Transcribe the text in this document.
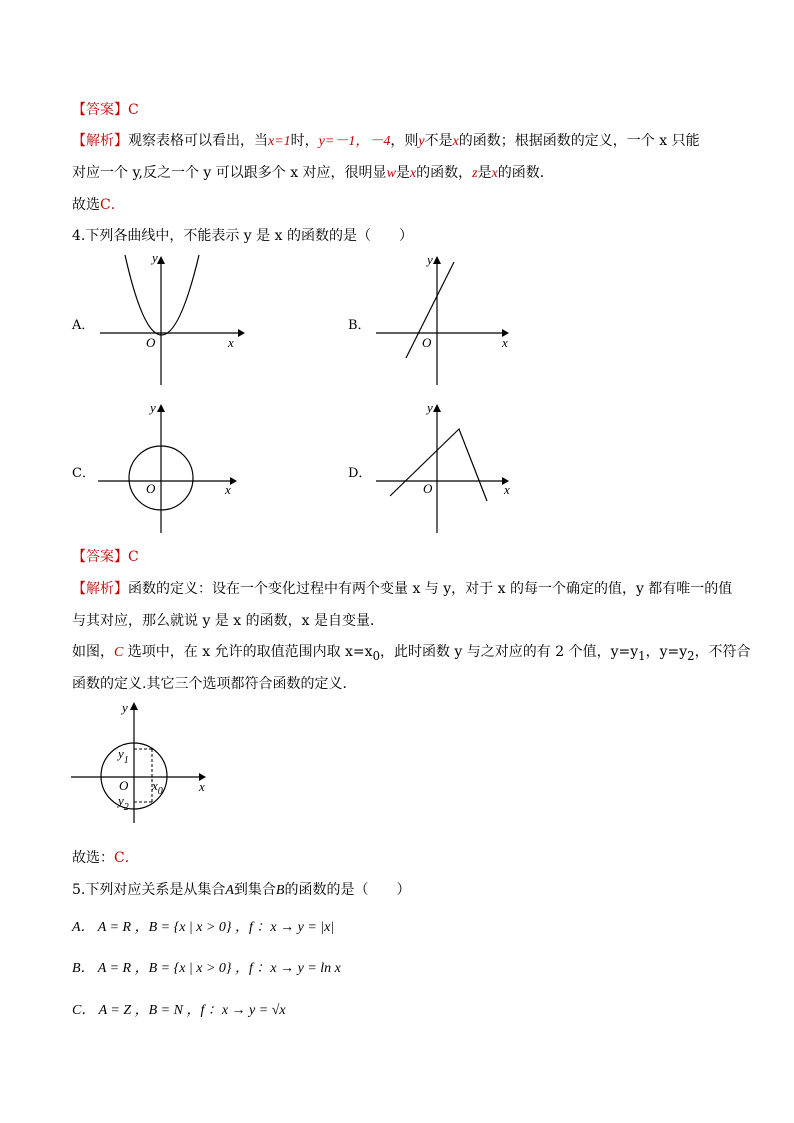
【答案】C
【解析】观察表格可以看出，当x=1时，y=－1，－4，则y不是x的函数；根据函数的定义，一个 x 只能
对应一个 y,反之一个 y 可以跟多个 x 对应，很明显w是x的函数，z是x的函数．
故选C．
4.下列各曲线中，不能表示 y 是 x 的函数的是（　　）
A．
y
x
O
B．
y
x
O
C．
y
x
O
D．
y
x
O
【答案】C
【解析】函数的定义：设在一个变化过程中有两个变量 x 与 y，对于 x 的每一个确定的值，y 都有唯一的值
与其对应，那么就说 y 是 x 的函数，x 是自变量．
如图，C 选项中，在 x 允许的取值范围内取 $x=x_0$，此时函数 y 与之对应的有 2 个值，$y=y_1$，$y=y_2$，不符合
函数的定义.其它三个选项都符合函数的定义.
y
x
O
$y_1$
$y_2$
$x_0$
故选：C．
5.下列对应关系是从集合A到集合B的函数的是（　　）
A． A = R ，B = {x | x > 0} ，f ：x → y = |x|
B． A = R ，B = {x | x > 0} ，f ：x → y = ln x
C． A = Z ，B = N ，f ：x → y = √x
